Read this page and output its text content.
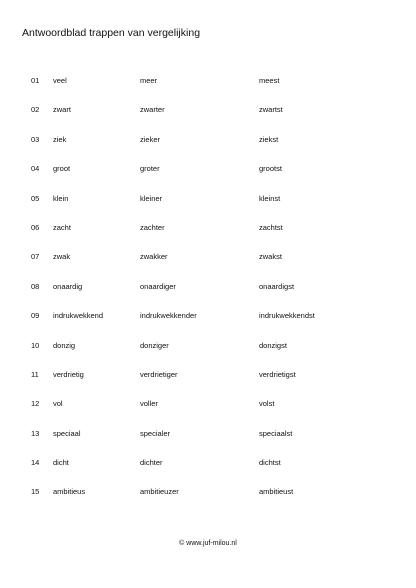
Antwoordblad trappen van vergelijking
01 veel	meer	meest
02 zwart	zwarter	zwartst
03 ziek	zieker	ziekst
04 groot	groter	grootst
05 klein	kleiner	kleinst
06 zacht	zachter	zachtst
07 zwak	zwakker	zwakst
08 onaardig	onaardiger	onaardigst
09 indrukwekkend	indrukwekkender	indrukwekkendst
10 donzig	donziger	donzigst
11 verdrietig	verdrietiger	verdrietigst
12 vol	voller	volst
13 speciaal	specialer	speciaalst
14 dicht	dichter	dichtst
15 ambitieus	ambitieuzer	ambitieust
© www.juf-milou.nl
